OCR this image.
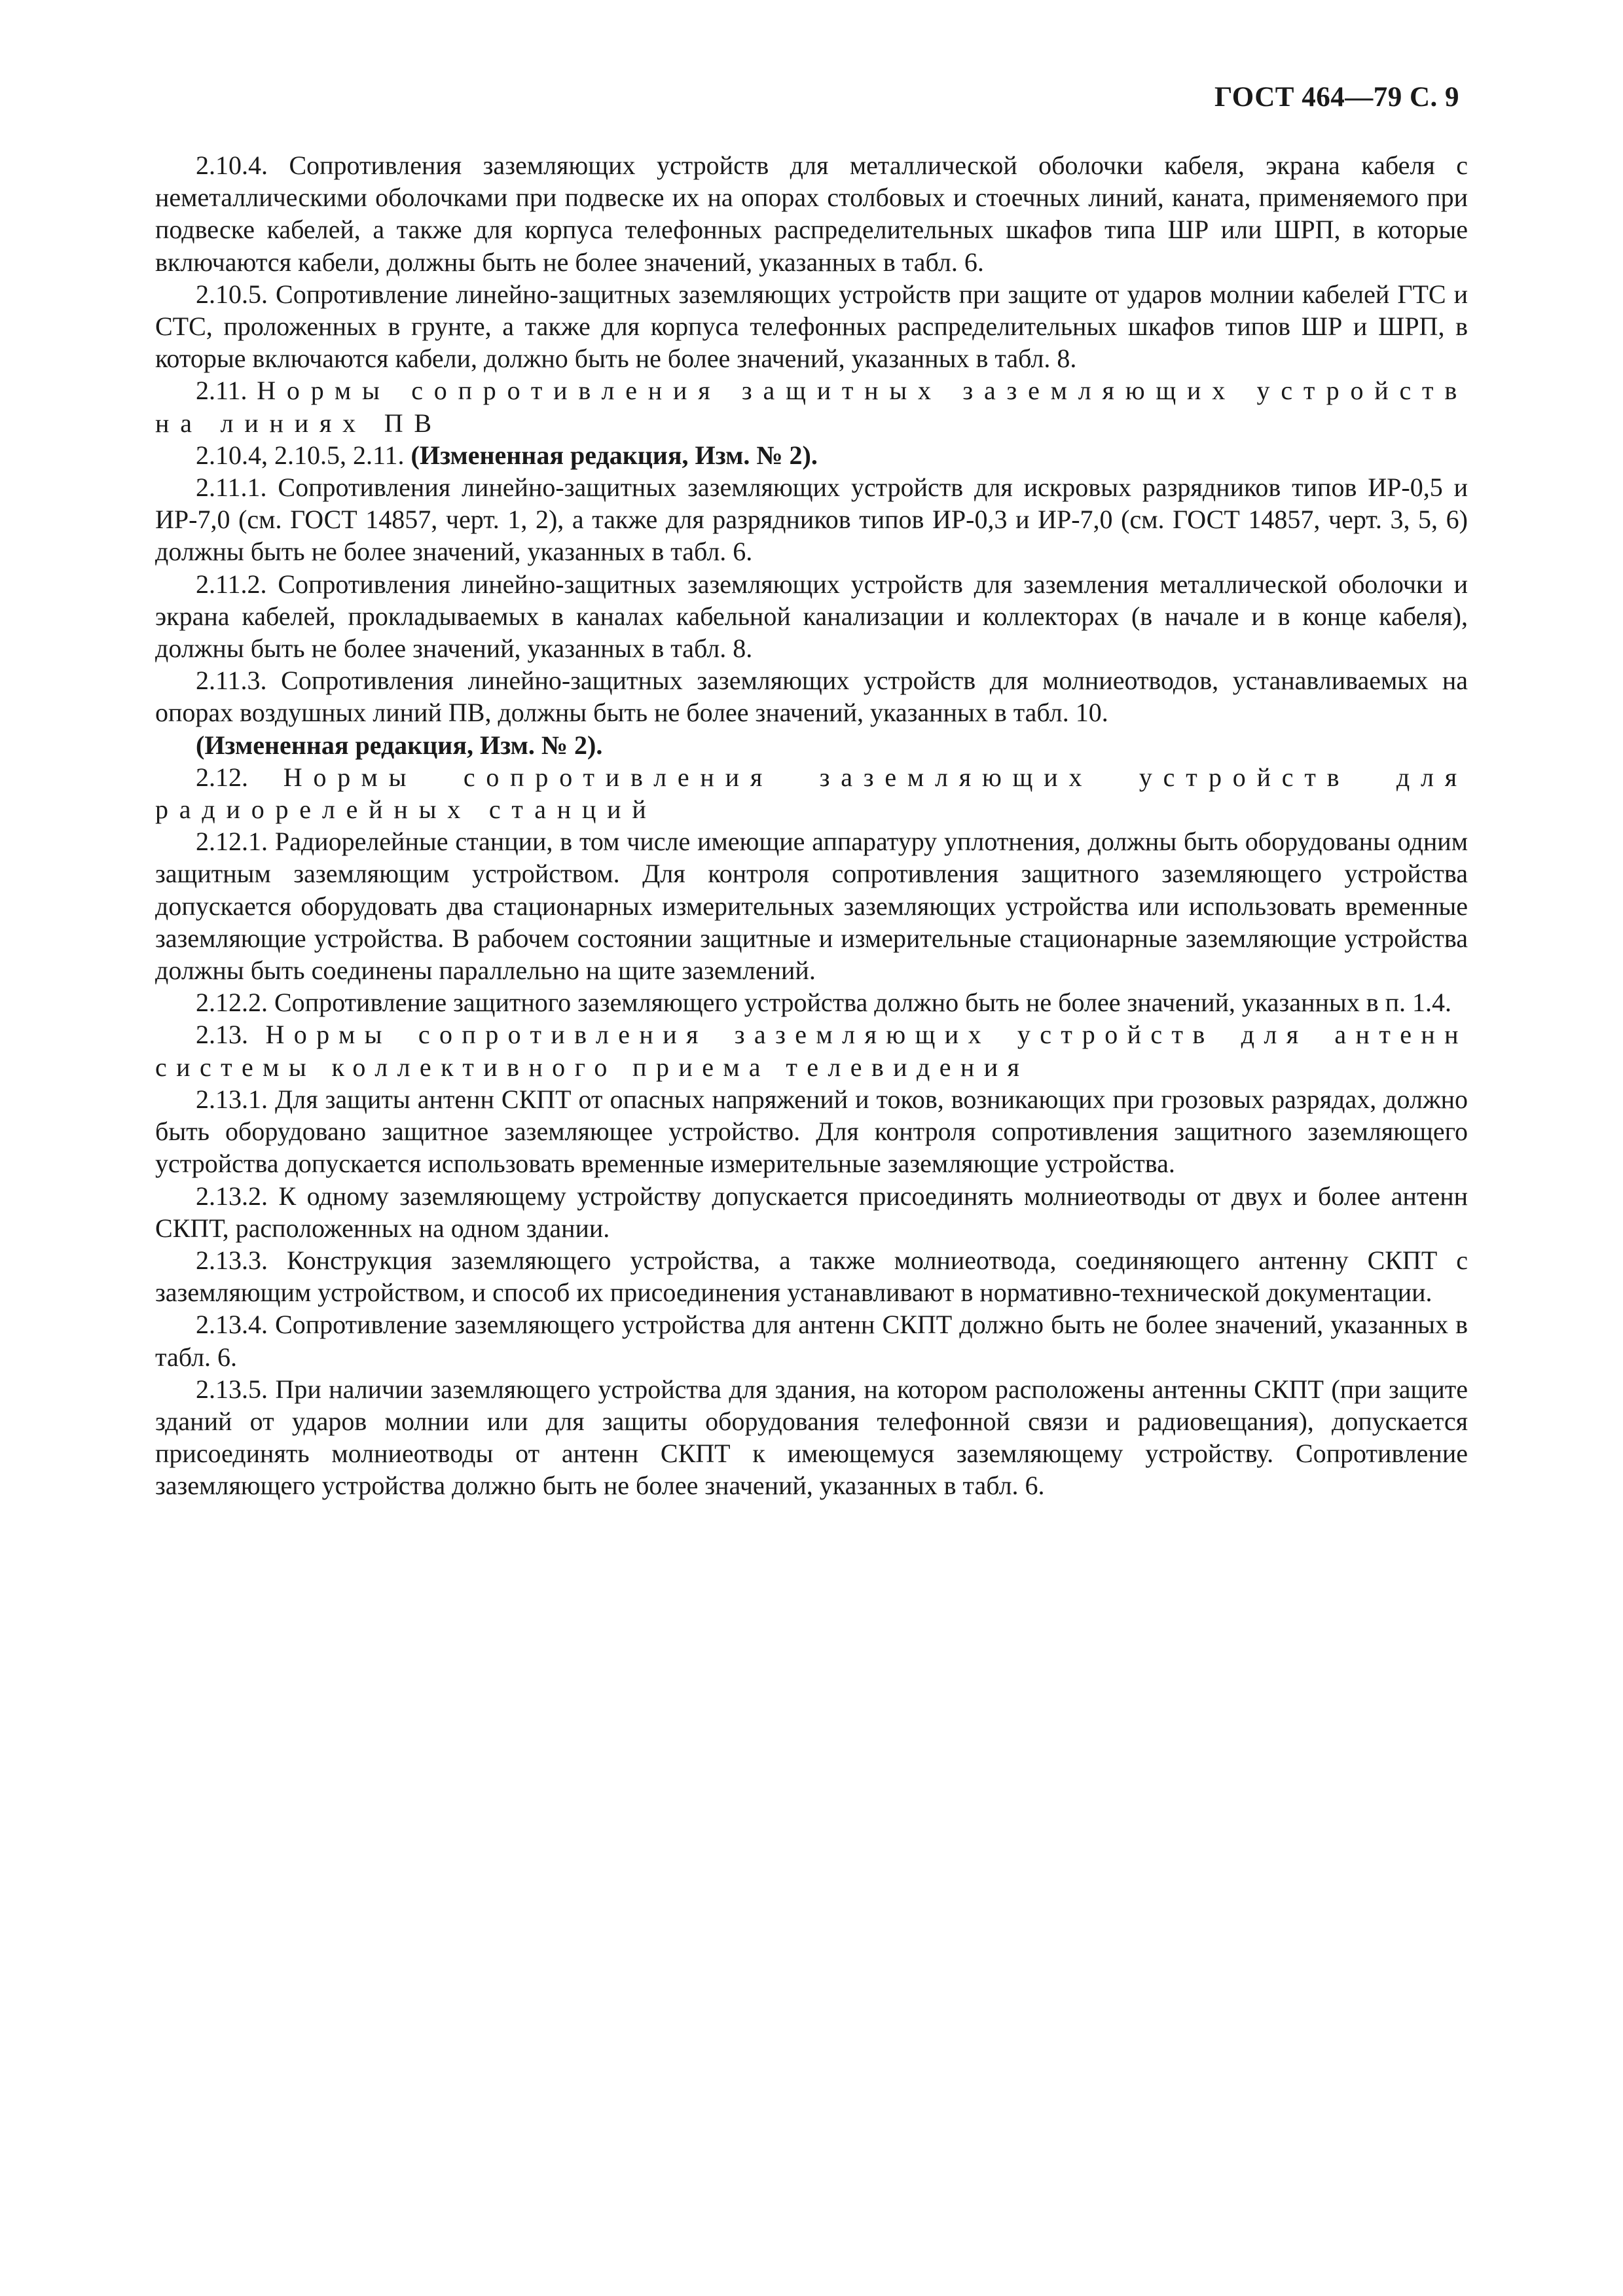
ГОСТ 464—79 С. 9

2.10.4. Сопротивления заземляющих устройств для металлической оболочки кабеля, экрана кабеля с неметаллическими оболочками при подвеске их на опорах столбовых и стоечных линий, каната, применяемого при подвеске кабелей, а также для корпуса телефонных распределительных шкафов типа ШР или ШРП, в которые включаются кабели, должны быть не более значений, указанных в табл. 6.

2.10.5. Сопротивление линейно-защитных заземляющих устройств при защите от ударов молнии кабелей ГТС и СТС, проложенных в грунте, а также для корпуса телефонных распределительных шкафов типов ШР и ШРП, в которые включаются кабели, должно быть не более значений, указанных в табл. 8.

2.11. Нормы сопротивления защитных заземляющих устройств на линиях ПВ

2.10.4, 2.10.5, 2.11. (Измененная редакция, Изм. № 2).

2.11.1. Сопротивления линейно-защитных заземляющих устройств для искровых разрядников типов ИР-0,5 и ИР-7,0 (см. ГОСТ 14857, черт. 1, 2), а также для разрядников типов ИР-0,3 и ИР-7,0 (см. ГОСТ 14857, черт. 3, 5, 6) должны быть не более значений, указанных в табл. 6.

2.11.2. Сопротивления линейно-защитных заземляющих устройств для заземления металлической оболочки и экрана кабелей, прокладываемых в каналах кабельной канализации и коллекторах (в начале и в конце кабеля), должны быть не более значений, указанных в табл. 8.

2.11.3. Сопротивления линейно-защитных заземляющих устройств для молниеотводов, устанавливаемых на опорах воздушных линий ПВ, должны быть не более значений, указанных в табл. 10.

(Измененная редакция, Изм. № 2).

2.12. Нормы сопротивления заземляющих устройств для радиорелейных станций

2.12.1. Радиорелейные станции, в том числе имеющие аппаратуру уплотнения, должны быть оборудованы одним защитным заземляющим устройством. Для контроля сопротивления защитного заземляющего устройства допускается оборудовать два стационарных измерительных заземляющих устройства или использовать временные заземляющие устройства. В рабочем состоянии защитные и измерительные стационарные заземляющие устройства должны быть соединены параллельно на щите заземлений.

2.12.2. Сопротивление защитного заземляющего устройства должно быть не более значений, указанных в п. 1.4.

2.13. Нормы сопротивления заземляющих устройств для антенн системы коллективного приема телевидения

2.13.1. Для защиты антенн СКПТ от опасных напряжений и токов, возникающих при грозовых разрядах, должно быть оборудовано защитное заземляющее устройство. Для контроля сопротивления защитного заземляющего устройства допускается использовать временные измерительные заземляющие устройства.

2.13.2. К одному заземляющему устройству допускается присоединять молниеотводы от двух и более антенн СКПТ, расположенных на одном здании.

2.13.3. Конструкция заземляющего устройства, а также молниеотвода, соединяющего антенну СКПТ с заземляющим устройством, и способ их присоединения устанавливают в нормативно-технической документации.

2.13.4. Сопротивление заземляющего устройства для антенн СКПТ должно быть не более значений, указанных в табл. 6.

2.13.5. При наличии заземляющего устройства для здания, на котором расположены антенны СКПТ (при защите зданий от ударов молнии или для защиты оборудования телефонной связи и радиовещания), допускается присоединять молниеотводы от антенн СКПТ к имеющемуся заземляющему устройству. Сопротивление заземляющего устройства должно быть не более значений, указанных в табл. 6.
